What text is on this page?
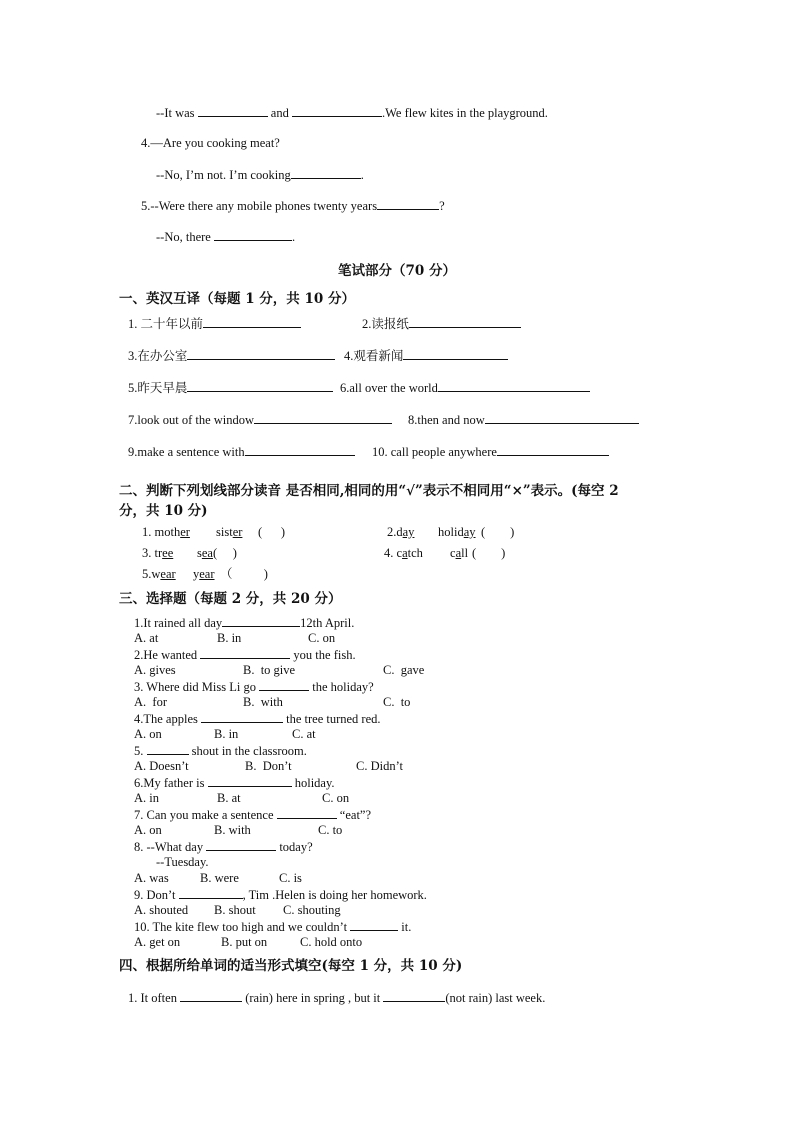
--It was	and	.We flew kites in the playground.
4.—Are you cooking meat?
--No, I’m not. I’m cooking	.
5.--Were there any mobile phones twenty years	?
--No, there	.
笔试部分（70 分）
一、英汉互译（每题 1 分，共 10 分）
1. 二十年以前	2.读报纸
3.在办公室	4.观看新闻
5.昨天早晨	6.all over the world
7.look out of the window	8.then and now
9.make a sentence with	10. call people anywhere
二、判断下列划线部分读音 是否相同,相同的用“√”表示不相同用“×”表示。(每空 2
分，共 10 分)
1. mother sister (      )	2.day holiday (        )
3. tree sea (     )	4. catch call (        )
5.wear year （          )
三、选择题（每题 2 分，共 20 分）
1.It rained all day	12th April.
A. at	B. in	C. on
2.He wanted	you the fish.
A. gives	B.  to give	C.  gave
3. Where did Miss Li go	the holiday?
A.  for	B.  with	C.  to
4.The apples	the tree turned red.
A. on	B. in	C. at
5.	shout in the classroom.
A. Doesn’t	B.  Don’t	C. Didn’t
6.My father is	holiday.
A. in	B. at	C. on
7. Can you make a sentence	“eat”?
A. on	B. with	C. to
8. --What day	today?
--Tuesday.
A. was	B. were	C. is
9. Don’t	, Tim .Helen is doing her homework.
A. shouted B. shout C. shouting
10. The kite flew too high and we couldn’t	it.
A. get on	B. put on	C. hold onto
四、根据所给单词的适当形式填空(每空 1 分，共 10 分)
1. It often	(rain) here in spring , but it	(not rain) last week.
